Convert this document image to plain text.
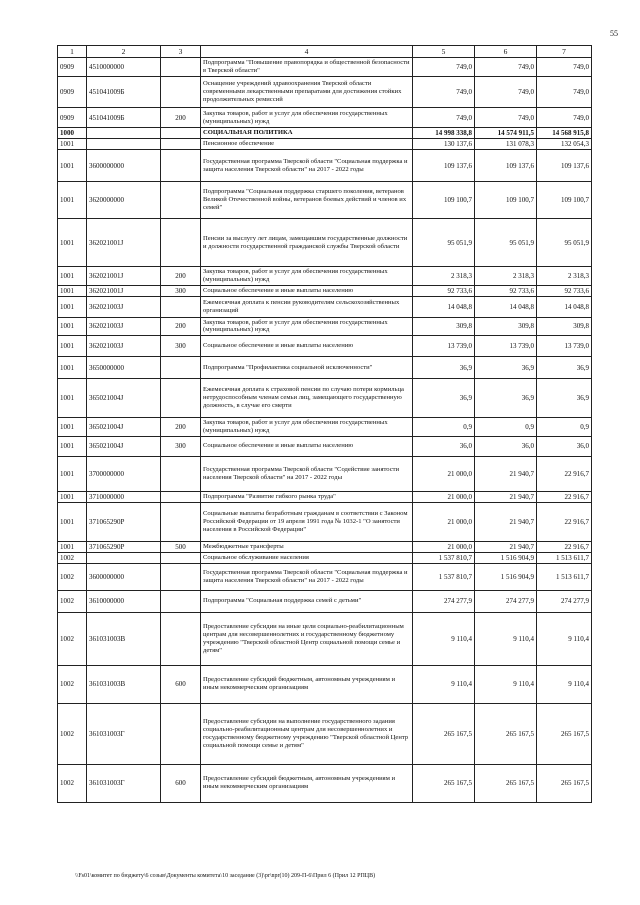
55
1	2	3	4	5	6	7
0909	4510000000		Подпрограмма "Повышение правопорядка и общественной безопасности в Тверской области"	749,0	749,0	749,0
0909	451041009Б		Оснащение учреждений здравоохранения Тверской области современными лекарственными препаратами для достижения стойких продолжительных ремиссий	749,0	749,0	749,0
0909	451041009Б	200	Закупка товаров, работ и услуг для обеспечения государственных (муниципальных) нужд	749,0	749,0	749,0
1000			СОЦИАЛЬНАЯ ПОЛИТИКА	14 998 338,8	14 574 911,5	14 568 915,8
1001			Пенсионное обеспечение	130 137,6	131 078,3	132 054,3
1001	3600000000		Государственная программа Тверской области "Социальная поддержка и защита населения Тверской области" на 2017 - 2022 годы	109 137,6	109 137,6	109 137,6
1001	3620000000		Подпрограмма "Социальная поддержка старшего поколения, ветеранов Великой Отечественной войны, ветеранов боевых действий и членов их семей"	109 100,7	109 100,7	109 100,7
1001	362021001J		Пенсии за выслугу лет лицам, замещавшим государственные должности и должности государственной гражданской службы Тверской области	95 051,9	95 051,9	95 051,9
1001	362021001J	200	Закупка товаров, работ и услуг для обеспечения государственных (муниципальных) нужд	2 318,3	2 318,3	2 318,3
1001	362021001J	300	Социальное обеспечение и иные выплаты населению	92 733,6	92 733,6	92 733,6
1001	362021003J		Ежемесячная доплата к пенсии руководителям сельскохозяйственных организаций	14 048,8	14 048,8	14 048,8
1001	362021003J	200	Закупка товаров, работ и услуг для обеспечения государственных (муниципальных) нужд	309,8	309,8	309,8
1001	362021003J	300	Социальное обеспечение и иные выплаты населению	13 739,0	13 739,0	13 739,0
1001	3650000000		Подпрограмма "Профилактика социальной исключенности"	36,9	36,9	36,9
1001	365021004J		Ежемесячная доплата к страховой пенсии по случаю потери кормильца нетрудоспособным членам семьи лиц, замещающего государственную должность, в случае его смерти	36,9	36,9	36,9
1001	365021004J	200	Закупка товаров, работ и услуг для обеспечения государственных (муниципальных) нужд	0,9	0,9	0,9
1001	365021004J	300	Социальное обеспечение и иные выплаты населению	36,0	36,0	36,0
1001	3700000000		Государственная программа Тверской области "Содействие занятости населения Тверской области" на 2017 - 2022 годы	21 000,0	21 940,7	22 916,7
1001	3710000000		Подпрограмма "Развитие гибкого рынка труда"	21 000,0	21 940,7	22 916,7
1001	371065290Р		Социальные выплаты безработным гражданам в соответствии с Законом Российской Федерации от 19 апреля 1991 года № 1032-1 "О занятости населения в Российской Федерации"	21 000,0	21 940,7	22 916,7
1001	371065290Р	500	Межбюджетные трансферты	21 000,0	21 940,7	22 916,7
1002			Социальное обслуживание населения	1 537 810,7	1 516 904,9	1 513 611,7
1002	3600000000		Государственная программа Тверской области "Социальная поддержка и защита населения Тверской области" на 2017 - 2022 годы	1 537 810,7	1 516 904,9	1 513 611,7
1002	3610000000		Подпрограмма "Социальная поддержка семей с детьми"	274 277,9	274 277,9	274 277,9
1002	361031003В		Предоставление субсидии на иные цели социально-реабилитационным центрам для несовершеннолетних и государственному бюджетному учреждению "Тверской областной Центр социальной помощи семье и детям"	9 110,4	9 110,4	9 110,4
1002	361031003В	600	Предоставление субсидий бюджетным, автономным учреждениям и иным некоммерческим организациям	9 110,4	9 110,4	9 110,4
1002	361031003Г		Предоставление субсидии на выполнение государственного задания социально-реабилитационным центрам для несовершеннолетних и государственному бюджетному учреждению "Тверской областной Центр социальной помощи семье и детям"	265 167,5	265 167,5	265 167,5
1002	361031003Г	600	Предоставление субсидий бюджетным, автономным учреждениям и иным некоммерческим организациям	265 167,5	265 167,5	265 167,5
\\Fs01\комитет по бюджету\6 созыв\Документы комитета\10 заседание (3)\pr\npr(10) 209-П-6\Прил 6 (Прил 12 РПЦВ)
